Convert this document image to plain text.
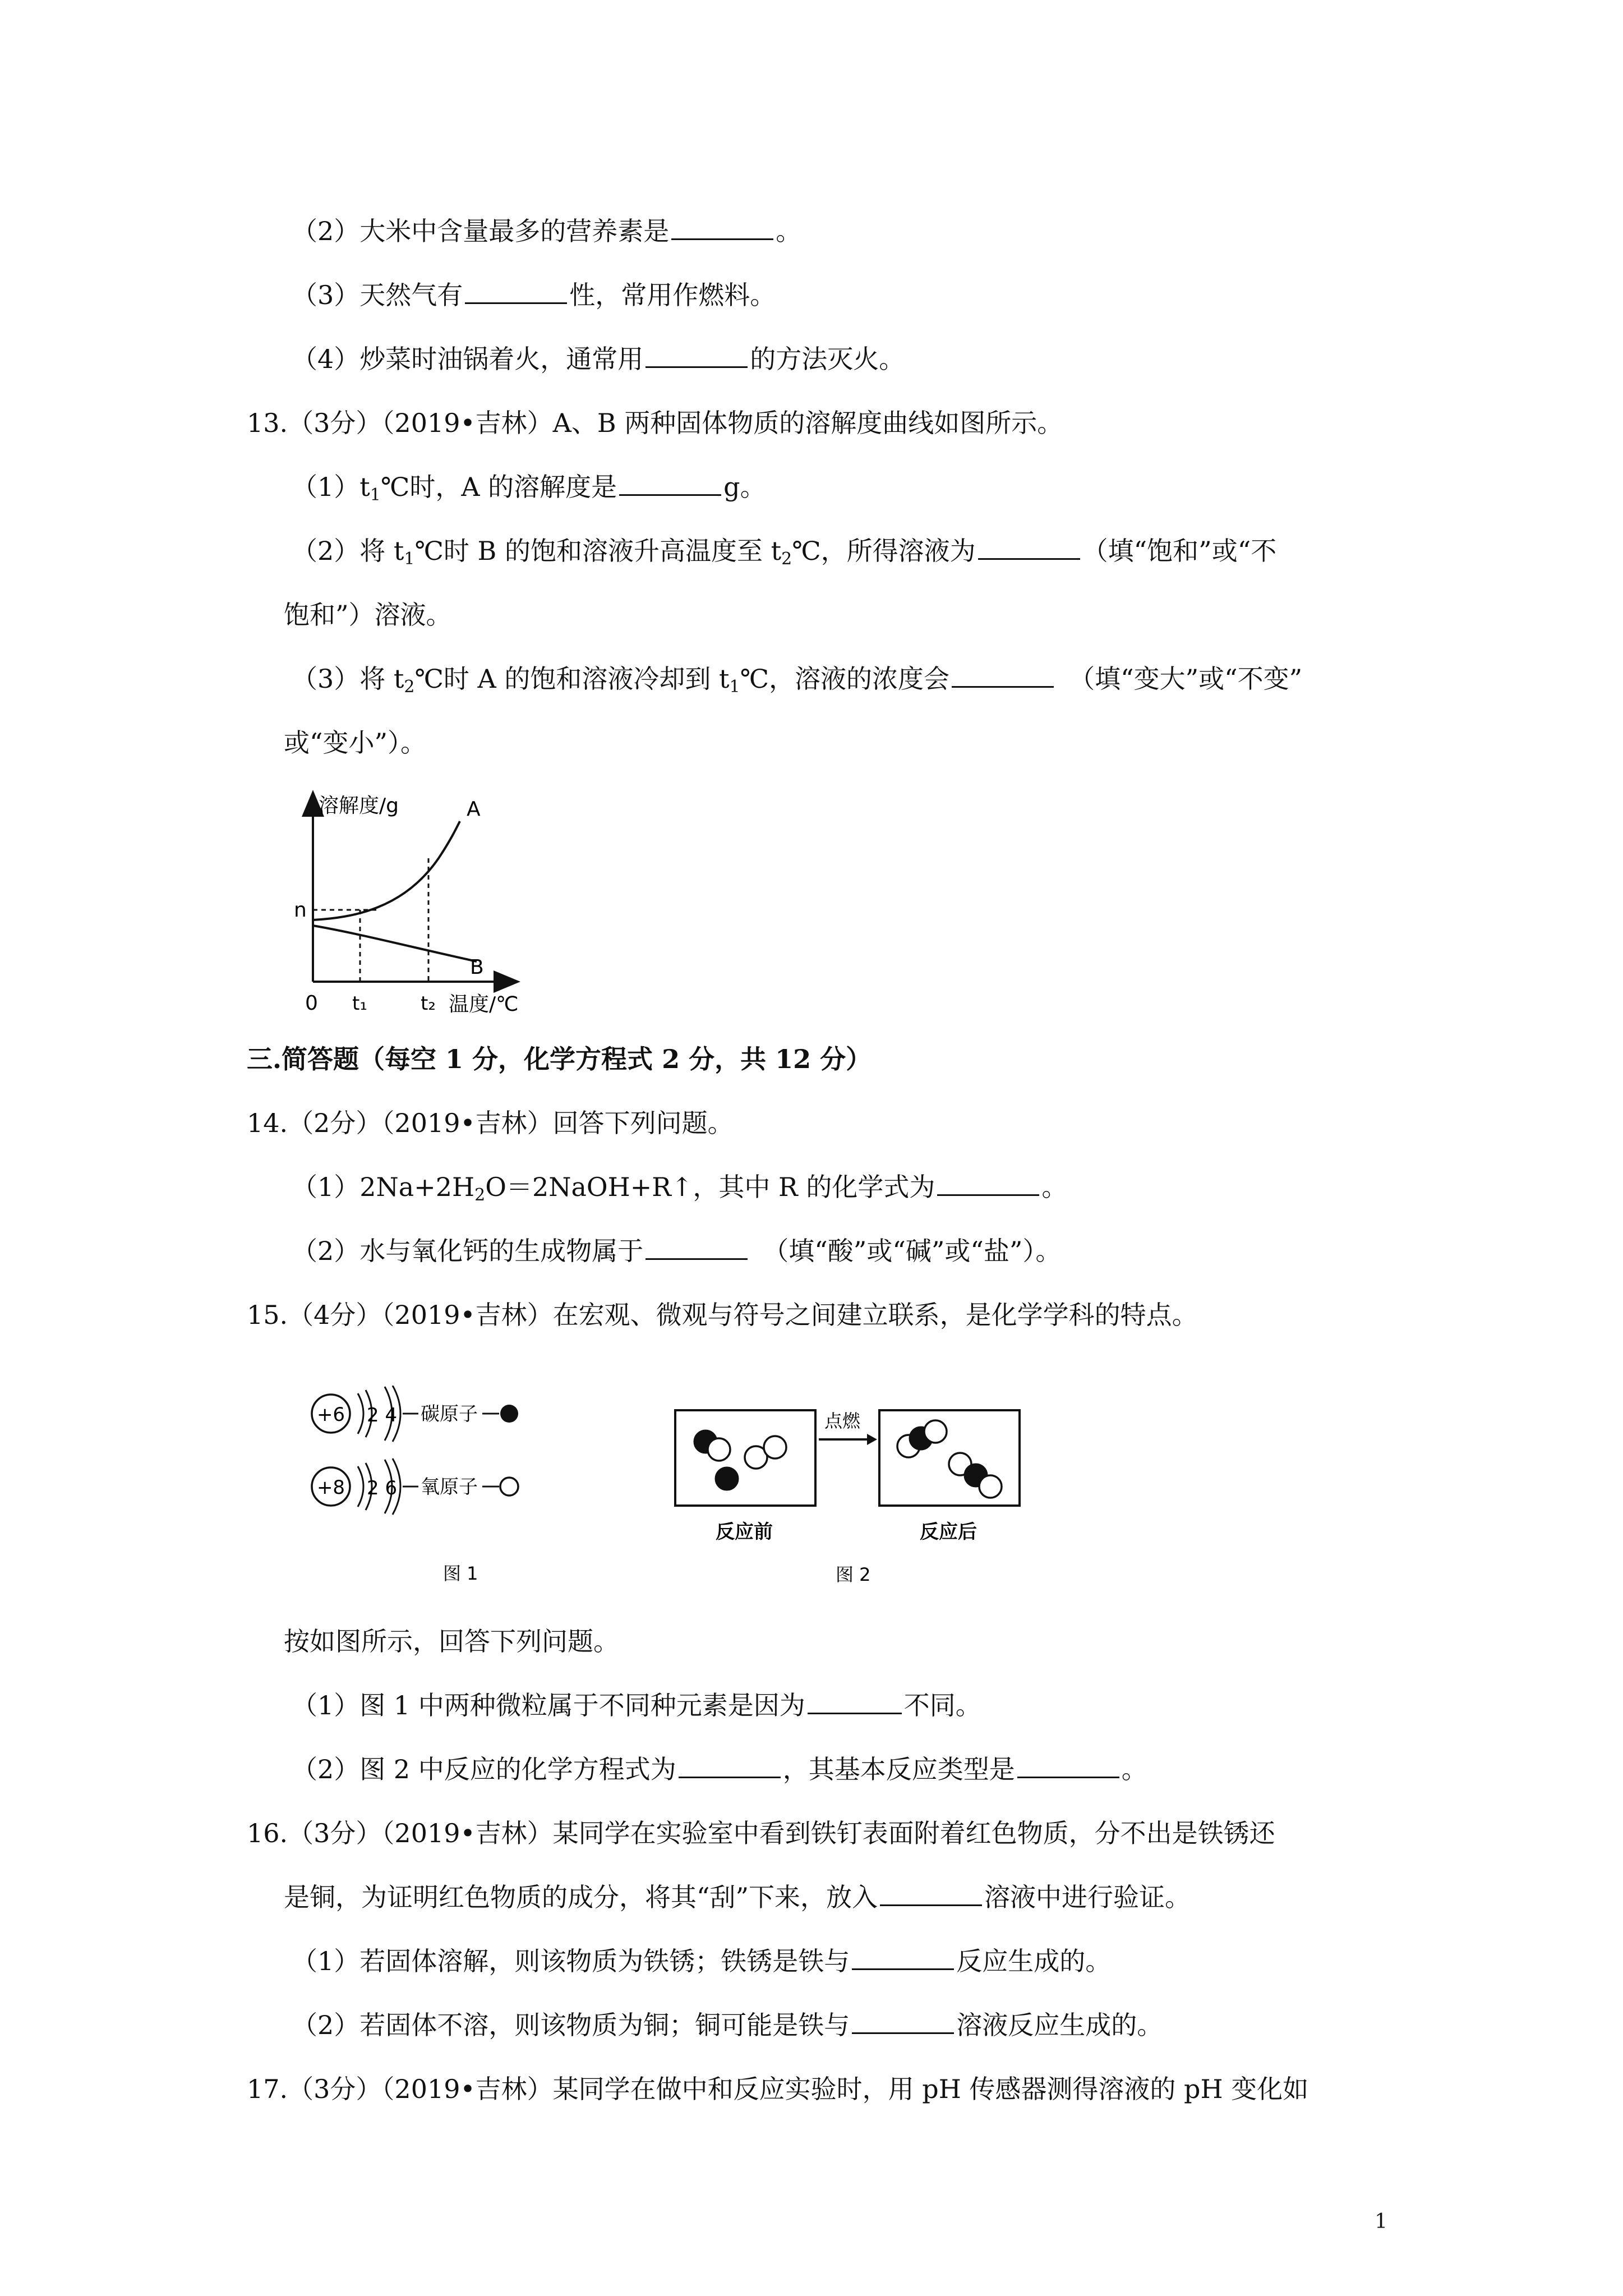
（2）大米中含量最多的营养素是	。
（3）天然气有	性，常用作燃料。
（4）炒菜时油锅着火，通常用	的方法灭火。
13.（3分）（2019•吉林）A、B 两种固体物质的溶解度曲线如图所示。
$(1)t_1℃$时，A 的溶解度是	g。
（2）将 $t_1℃$时 B 的饱和溶液升高温度至 $t_2℃$，所得溶液为	（填“饱和”或“不
饱和”）溶液。
（3）将 $t_2℃$时 A 的饱和溶液冷却到 $t_1℃$，溶液的浓度会 	（填“变大”或“不变”
或“变小”）。
溶解度/g	A
B
n
0 t₁	t₂ 温度/℃
三.简答题（每空 1 分，化学方程式 2 分，共 12 分）
14.（2分）（2019•吉林）回答下列问题。
$(1)2Na+2H_2O=2NaOH+R↑$，其中 R 的化学式为	。
（2）水与氧化钙的生成物属于 	（填“酸”或“碱”或“盐”）。
15.（4分）（2019•吉林）在宏观、微观与符号之间建立联系，是化学学科的特点。
+6 2 4 碳原子
+8 2 6 氧原子
图 1
点燃
反应前	反应后
图 2
按如图所示，回答下列问题。
（1）图 1 中两种微粒属于不同种元素是因为	不同。
（2）图 2 中反应的化学方程式为	，其基本反应类型是	。
16.（3分）（2019•吉林）某同学在实验室中看到铁钉表面附着红色物质，分不出是铁锈还
是铜，为证明红色物质的成分，将其“刮”下来，放入	溶液中进行验证。
（1）若固体溶解，则该物质为铁锈；铁锈是铁与	反应生成的。
（2）若固体不溶，则该物质为铜；铜可能是铁与	溶液反应生成的。
17.（3分）（2019•吉林）某同学在做中和反应实验时，用 pH 传感器测得溶液的 pH 变化如
1
